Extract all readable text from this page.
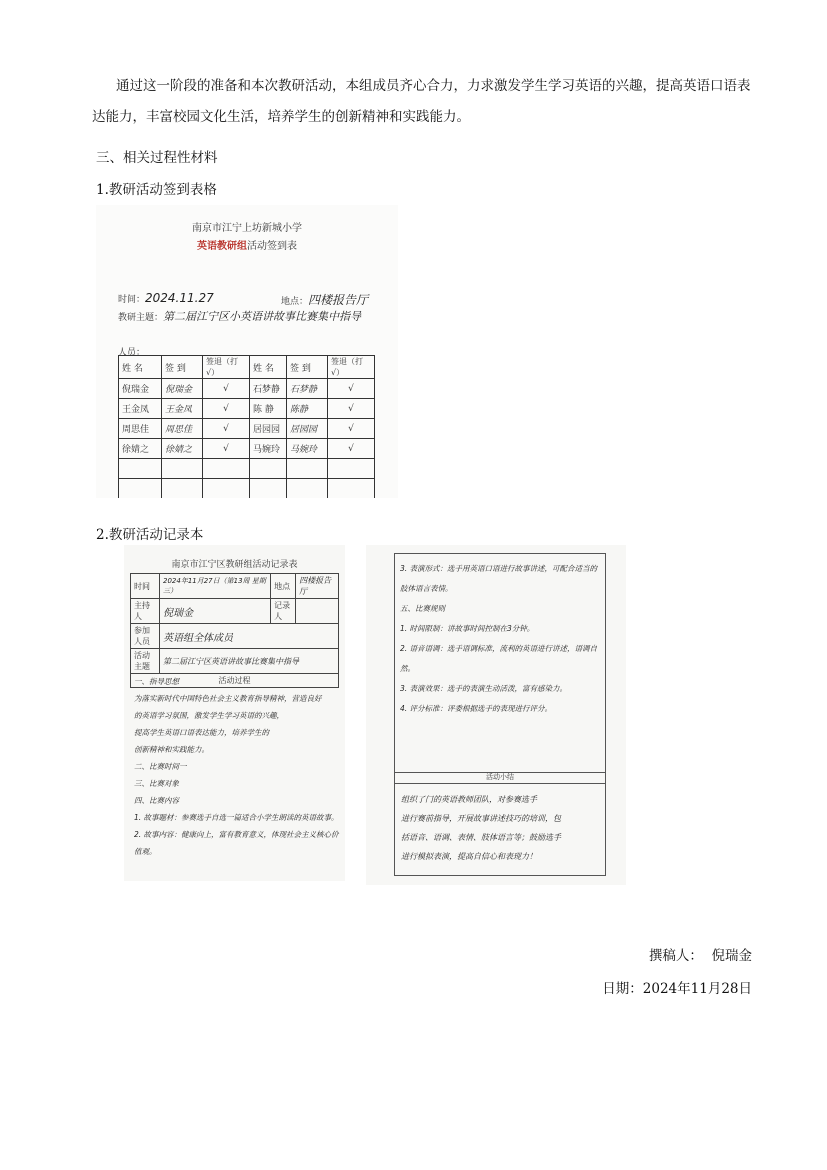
通过这一阶段的准备和本次教研活动，本组成员齐心合力，力求激发学生学习英语的兴趣，提高英语口语表达能力，丰富校园文化生活，培养学生的创新精神和实践能力。
三、相关过程性材料
1.教研活动签到表格
南京市江宁上坊新城小学
英语教研组活动签到表
时间：2024.11.27	地点：四楼报告厅
教研主题：第二届江宁区小英语讲故事比赛集中指导
人员：
姓 名	签 到	签退（打√）	姓 名	签 到	签退（打√）
倪瑞金	倪瑞金	√	石梦静	石梦静	√
王金凤	王金凤	√	陈 静	陈静	√
周思佳	周思佳	√	居园园	居园园	√
徐婧之	徐婧之	√	马婉玲	马婉玲	√

2.教研活动记录本
南京市江宁区教研组活动记录表
时间	2024年11月27日（第13周 星期三）	地点	四楼报告厅
主持人	倪瑞金	记录人	
参加人员	英语组全体成员		
活动主题	第二届江宁区英语讲故事比赛集中指导		
活动过程			
一、指导思想
为落实新时代中国特色社会主义教育指导精神，营造良好
的英语学习氛围，激发学生学习英语的兴趣，
提高学生英语口语表达能力，培养学生的
创新精神和实践能力。
二、比赛时间一
三、比赛对象
四、比赛内容
1. 故事题材：参赛选手自选一篇适合小学生朗读的英语故事。
2. 故事内容：健康向上，富有教育意义，体现社会主义核心价值观。
3. 表演形式：选手用英语口语进行故事讲述，可配合适当的肢体语言表情。
五、比赛规则
1. 时间限制：讲故事时间控制在3分钟。
2. 语音语调：选手语调标准，流利的英语进行讲述，语调自然。
3. 表演效果：选手的表演生动活泼，富有感染力。
4. 评分标准：评委根据选手的表现进行评分。
活动小结
组织了门的英语教师团队，对参赛选手
进行赛前指导，开展故事讲述技巧的培训，包
括语音、语调、表情、肢体语言等；鼓励选手
进行模拟表演，提高自信心和表现力！
撰稿人： 倪瑞金
日期：2024年11月28日
